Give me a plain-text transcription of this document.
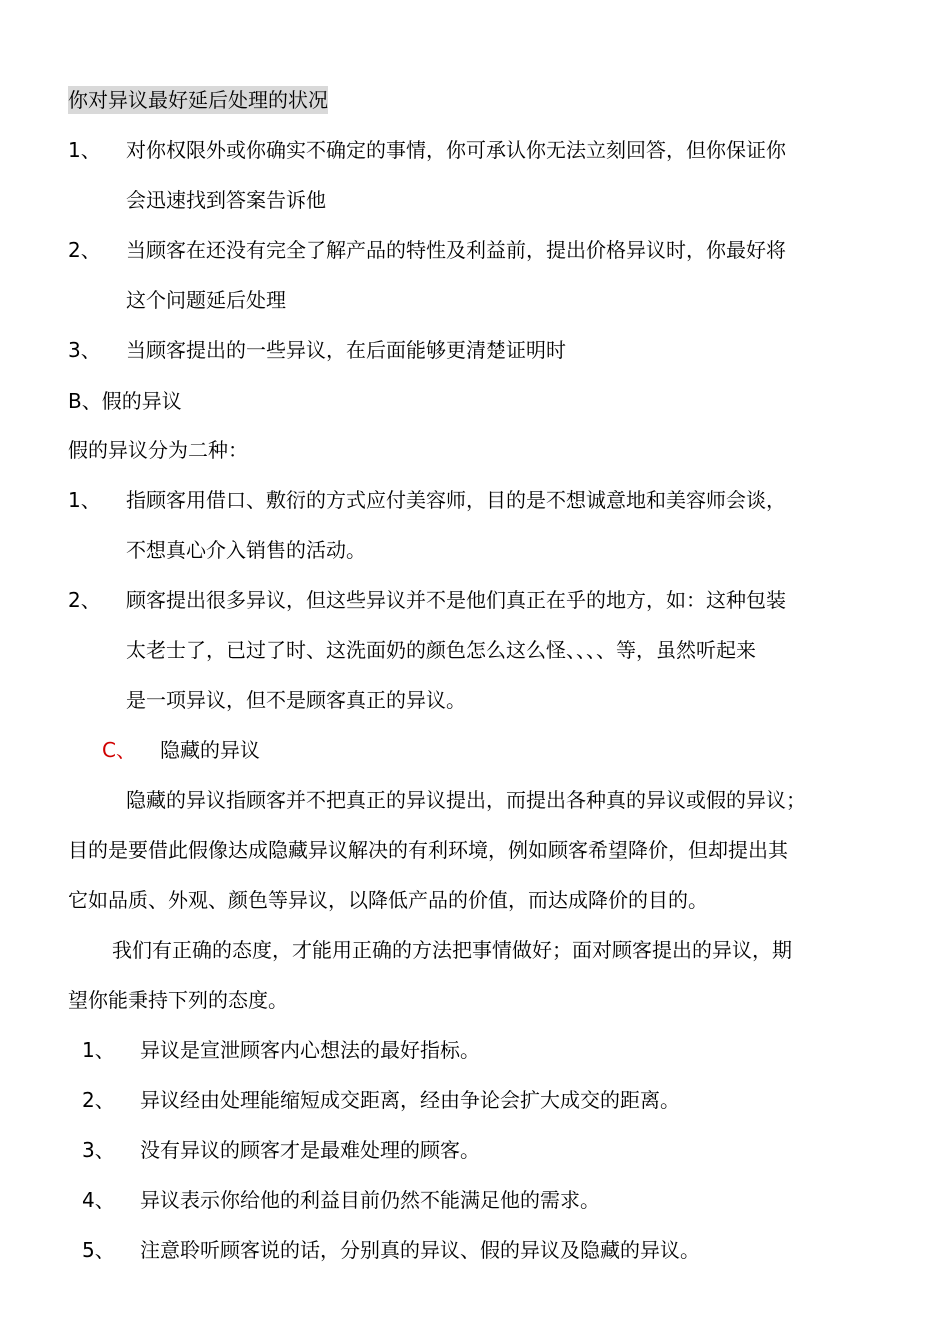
你对异议最好延后处理的状况
1、 对你权限外或你确实不确定的事情，你可承认你无法立刻回答，但你保证你
会迅速找到答案告诉他
2、 当顾客在还没有完全了解产品的特性及利益前，提出价格异议时，你最好将
这个问题延后处理
3、 当顾客提出的一些异议，在后面能够更清楚证明时
B、假的异议
假的异议分为二种：
1、 指顾客用借口、敷衍的方式应付美容师，目的是不想诚意地和美容师会谈，
不想真心介入销售的活动。
2、 顾客提出很多异议，但这些异议并不是他们真正在乎的地方，如：这种包装
太老士了，已过了时、这洗面奶的颜色怎么这么怪、、、、等，虽然听起来
是一项异议，但不是顾客真正的异议。
C、 隐藏的异议
隐藏的异议指顾客并不把真正的异议提出，而提出各种真的异议或假的异议；
目的是要借此假像达成隐藏异议解决的有利环境，例如顾客希望降价，但却提出其
它如品质、外观、颜色等异议，以降低产品的价值，而达成降价的目的。
我们有正确的态度，才能用正确的方法把事情做好；面对顾客提出的异议，期
望你能秉持下列的态度。
1、 异议是宣泄顾客内心想法的最好指标。
2、 异议经由处理能缩短成交距离，经由争论会扩大成交的距离。
3、 没有异议的顾客才是最难处理的顾客。
4、 异议表示你给他的利益目前仍然不能满足他的需求。
5、 注意聆听顾客说的话，分别真的异议、假的异议及隐藏的异议。
